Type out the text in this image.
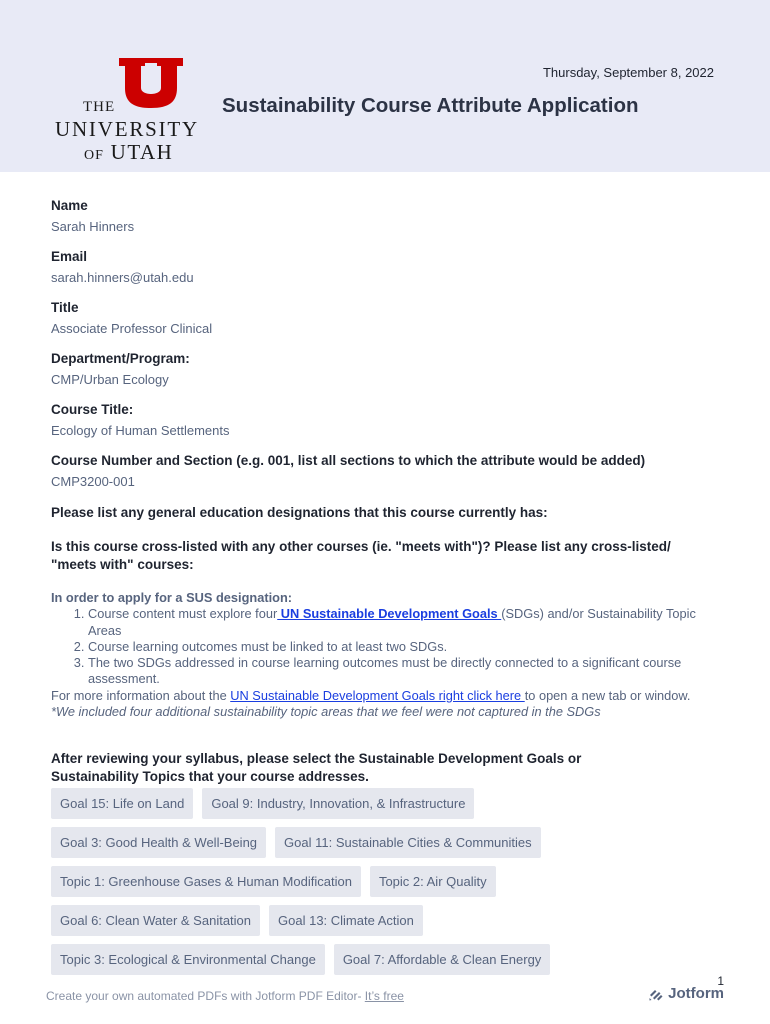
THE
UNIVERSITY
OF UTAH
Thursday, September 8, 2022
Sustainability Course Attribute Application
Name
Sarah Hinners
Email
sarah.hinners@utah.edu
Title
Associate Professor Clinical
Department/Program:
CMP/Urban Ecology
Course Title:
Ecology of Human Settlements
Course Number and Section (e.g. 001, list all sections to which the attribute would be added)
CMP3200-001
Please list any general education designations that this course currently has:
Is this course cross-listed with any other courses (ie. "meets with")? Please list any cross-listed/
"meets with" courses:
In order to apply for a SUS designation:
1. Course content must explore four UN Sustainable Development Goals (SDGs) and/or Sustainability Topic Areas
2. Course learning outcomes must be linked to at least two SDGs.
3. The two SDGs addressed in course learning outcomes must be directly connected to a significant course assessment.
For more information about the UN Sustainable Development Goals right click here to open a new tab or window.
*We included four additional sustainability topic areas that we feel were not captured in the SDGs
After reviewing your syllabus, please select the Sustainable Development Goals or
Sustainability Topics that your course addresses.
Goal 15: Life on Land	Goal 9: Industry, Innovation, & Infrastructure
Goal 3: Good Health & Well-Being	Goal 11: Sustainable Cities & Communities
Topic 1: Greenhouse Gases & Human Modification	Topic 2: Air Quality
Goal 6: Clean Water & Sanitation	Goal 13: Climate Action
Topic 3: Ecological & Environmental Change	Goal 7: Affordable & Clean Energy
1
Create your own automated PDFs with Jotform PDF Editor- It’s free	Jotform
